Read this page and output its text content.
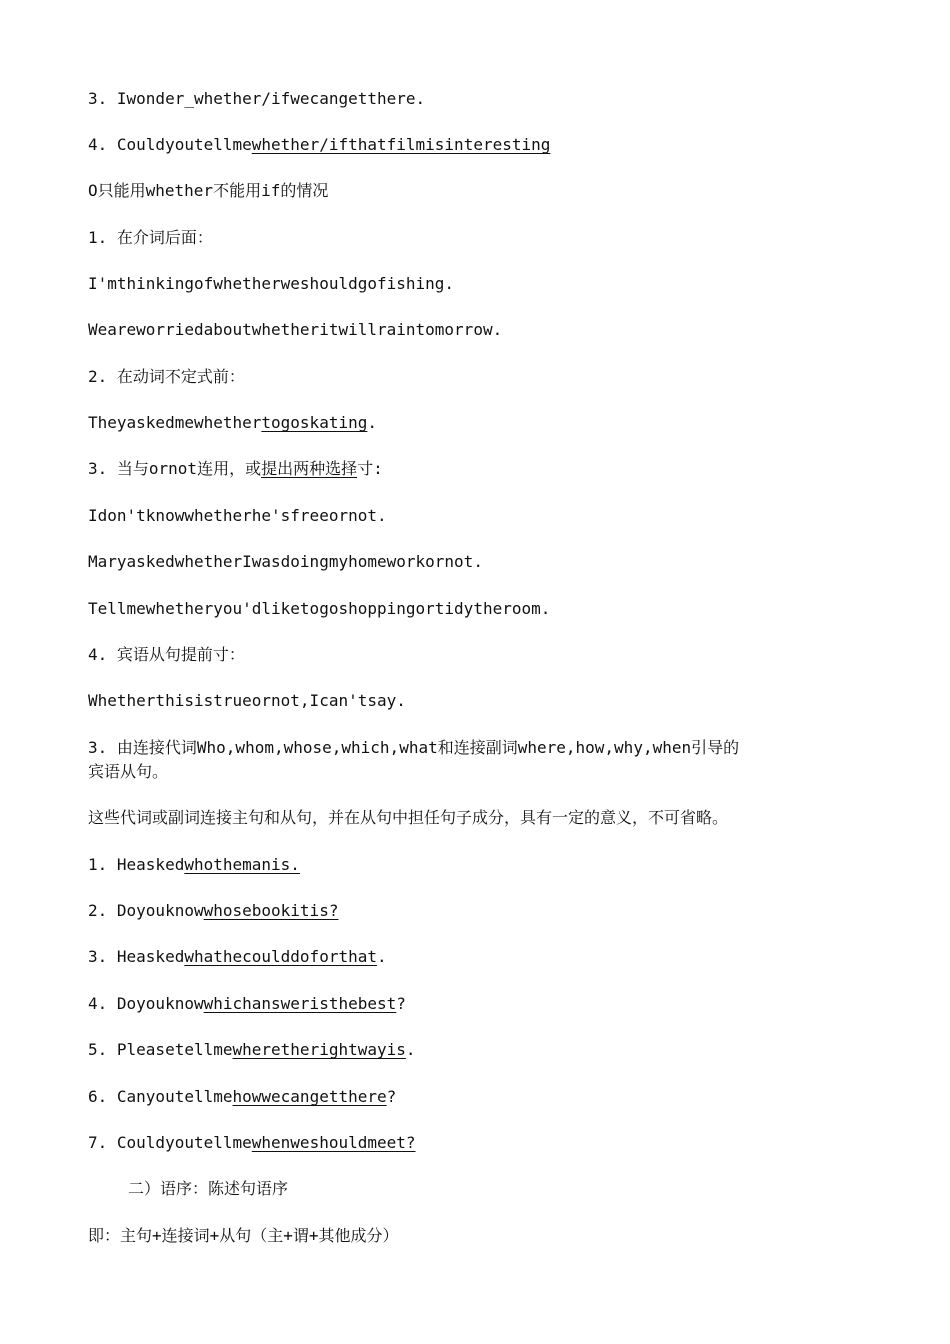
3. Iwonder_whether/ifwecangetthere.
4. Couldyoutellmewhether/ifthatfilmisinteresting
O只能用whether不能用if的情况
1. 在介词后面：
I'mthinkingofwhetherweshouldgofishing.
Weareworriedaboutwhetheritwillraintomorrow.
2. 在动词不定式前：
Theyaskedmewhethertogoskating.
3. 当与ornot连用，或提出两种选择寸:
Idon'tknowwhetherhe'sfreeornot.
MaryaskedwhetherIwasdoingmyhomeworkornot.
Tellmewhetheryou'dliketogoshoppingortidytheroom.
4. 宾语从句提前寸：
Whetherthisistrueornot,Ican'tsay.
3. 由连接代词Who,whom,whose,which,what和连接副词where,how,why,when引导的
宾语从句。
这些代词或副词连接主句和从句，并在从句中担任句子成分，具有一定的意义，不可省略。
1. Heaskedwhothemanis.
2. Doyouknowwhosebookitis?
3. Heaskedwhathecoulddoforthat.
4. Doyouknowwhichansweristhebest?
5. Pleasetellmewheretherightwayis.
6. Canyoutellmehowwecangetthere?
7. Couldyoutellmewhenweshouldmeet?
二）语序：陈述句语序
即：主句+连接词+从句（主+谓+其他成分）
